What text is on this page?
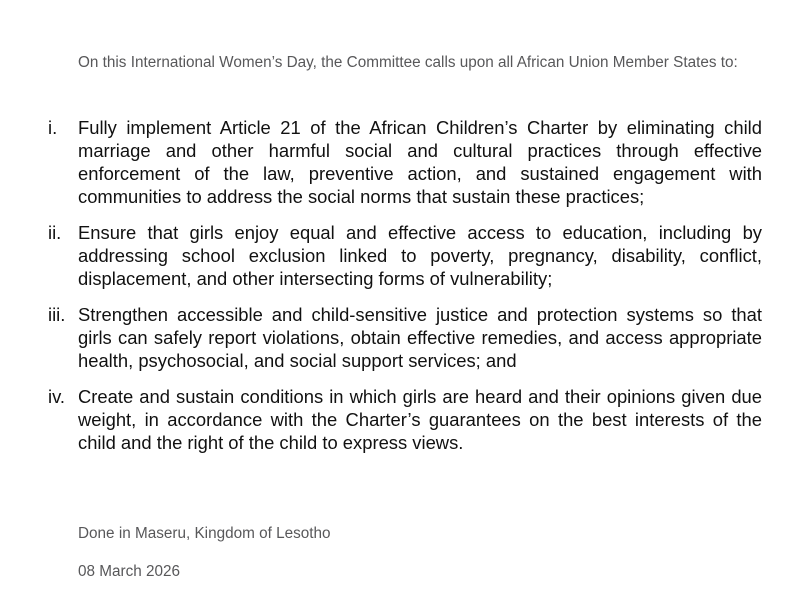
On this International Women’s Day, the Committee calls upon all African Union Member States to:

i.	Fully implement Article 21 of the African Children’s Charter by eliminating child marriage and other harmful social and cultural practices through effective enforcement of the law, preventive action, and sustained engagement with communities to address the social norms that sustain these practices;
ii. Ensure that girls enjoy equal and effective access to education, including by addressing school exclusion linked to poverty, pregnancy, disability, conflict, displacement, and other intersecting forms of vulnerability;
iii. Strengthen accessible and child-sensitive justice and protection systems so that girls can safely report violations, obtain effective remedies, and access appropriate health, psychosocial, and social support services; and
iv. Create and sustain conditions in which girls are heard and their opinions given due weight, in accordance with the Charter’s guarantees on the best interests of the child and the right of the child to express views.

Done in Maseru, Kingdom of Lesotho

08 March 2026
